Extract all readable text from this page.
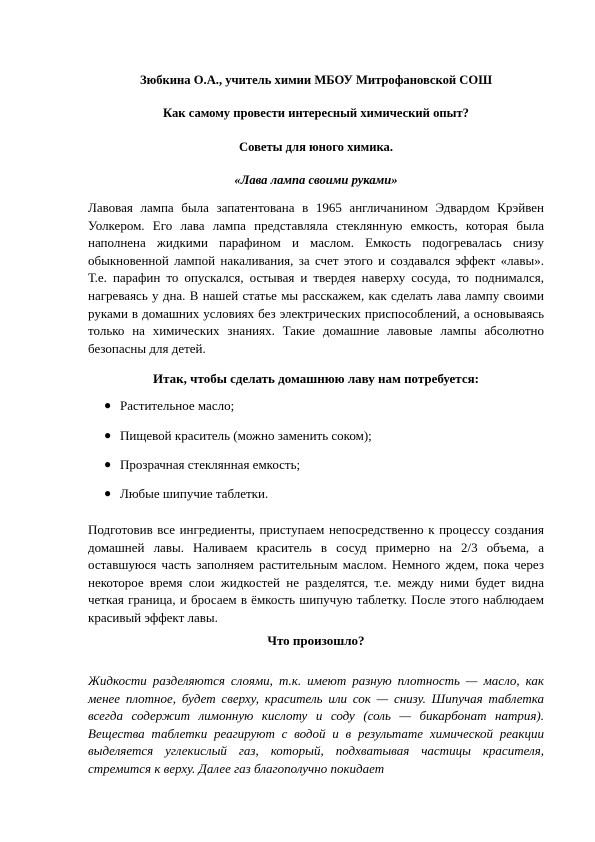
Зюбкина О.А., учитель химии МБОУ Митрофановской СОШ
Как самому провести интересный химический опыт?
Советы для юного химика.
«Лава лампа своими руками»

Лавовая лампа была запатентована в 1965 англичанином Эдвардом Крэйвен Уолкером. Его лава лампа представляла стеклянную емкость, которая была наполнена жидкими парафином и маслом. Емкость подогревалась снизу обыкновенной лампой накаливания, за счет этого и создавался эффект «лавы». Т.е. парафин то опускался, остывая и твердея наверху сосуда, то поднимался, нагреваясь у дна. В нашей статье мы расскажем, как сделать лава лампу своими руками в домашних условиях без электрических приспособлений, а основываясь только на химических знаниях. Такие домашние лавовые лампы абсолютно безопасны для детей.

Итак, чтобы сделать домашнюю лаву нам потребуется:
● Растительное масло;
● Пищевой краситель (можно заменить соком);
● Прозрачная стеклянная емкость;
● Любые шипучие таблетки.

Подготовив все ингредиенты, приступаем непосредственно к процессу создания домашней лавы. Наливаем краситель в сосуд примерно на 2/3 объема, а оставшуюся часть заполняем растительным маслом. Немного ждем, пока через некоторое время слои жидкостей не разделятся, т.е. между ними будет видна четкая граница, и бросаем в ёмкость шипучую таблетку. После этого наблюдаем красивый эффект лавы.

Что произошло?

Жидкости разделяются слоями, т.к. имеют разную плотность — масло, как менее плотное, будет сверху, краситель или сок — снизу. Шипучая таблетка всегда содержит лимонную кислоту и соду (соль — бикарбонат натрия). Вещества таблетки реагируют с водой и в результате химической реакции выделяется углекислый газ, который, подхватывая частицы красителя, стремится к верху. Далее газ благополучно покидает
